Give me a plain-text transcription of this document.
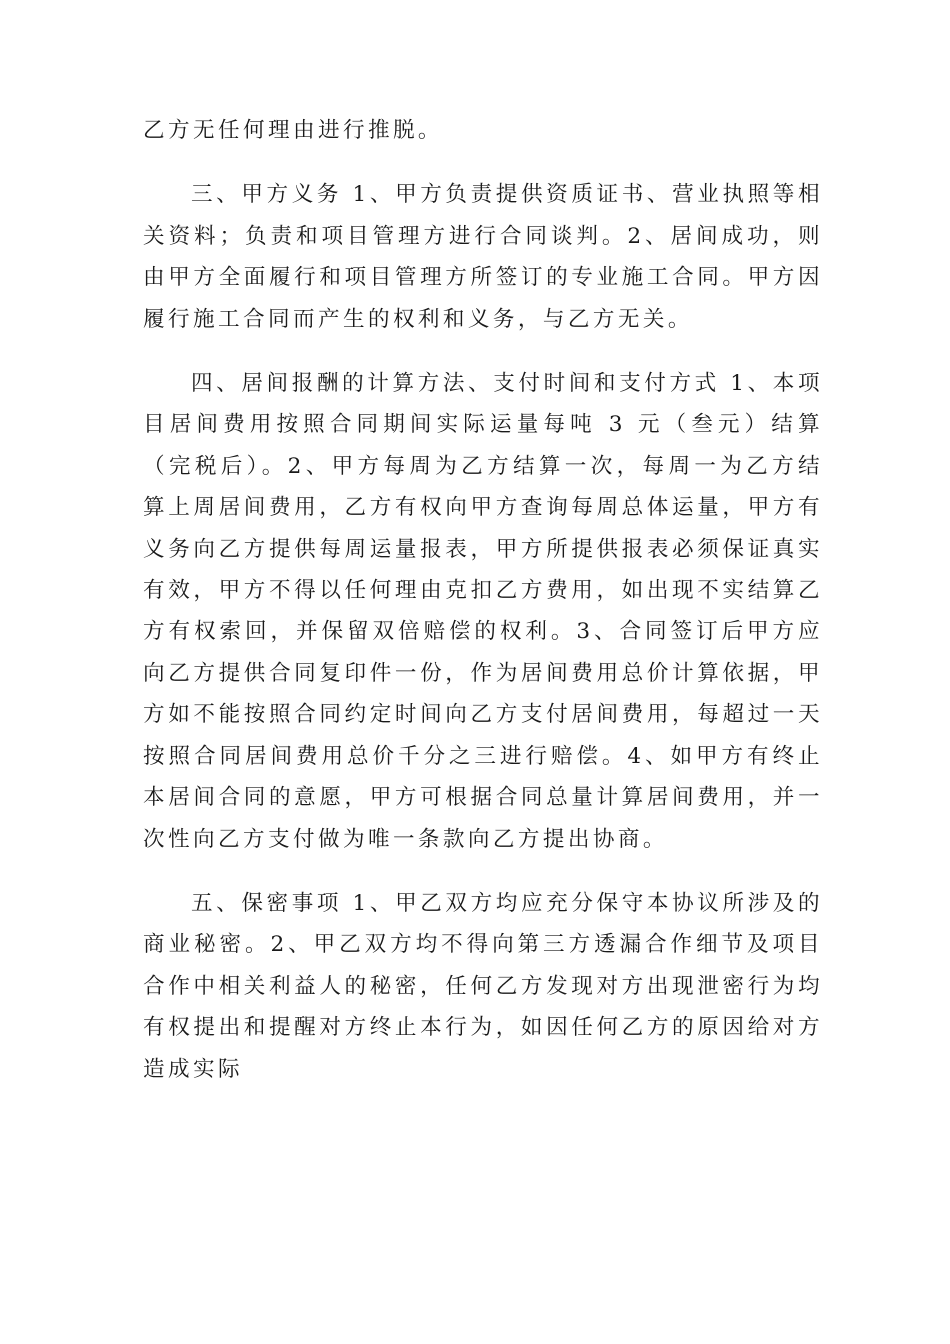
乙方无任何理由进行推脱。

三、甲方义务 1、甲方负责提供资质证书、营业执照等相关资料；负责和项目管理方进行合同谈判。2、居间成功，则由甲方全面履行和项目管理方所签订的专业施工合同。甲方因履行施工合同而产生的权利和义务，与乙方无关。

四、居间报酬的计算方法、支付时间和支付方式 1、本项目居间费用按照合同期间实际运量每吨 3 元（叁元）结算（完税后）。2、甲方每周为乙方结算一次，每周一为乙方结算上周居间费用，乙方有权向甲方查询每周总体运量，甲方有义务向乙方提供每周运量报表，甲方所提供报表必须保证真实有效，甲方不得以任何理由克扣乙方费用，如出现不实结算乙方有权索回，并保留双倍赔偿的权利。3、合同签订后甲方应向乙方提供合同复印件一份，作为居间费用总价计算依据，甲方如不能按照合同约定时间向乙方支付居间费用，每超过一天按照合同居间费用总价千分之三进行赔偿。4、如甲方有终止本居间合同的意愿，甲方可根据合同总量计算居间费用，并一次性向乙方支付做为唯一条款向乙方提出协商。

五、保密事项 1、甲乙双方均应充分保守本协议所涉及的商业秘密。2、甲乙双方均不得向第三方透漏合作细节及项目合作中相关利益人的秘密，任何乙方发现对方出现泄密行为均有权提出和提醒对方终止本行为，如因任何乙方的原因给对方造成实际
